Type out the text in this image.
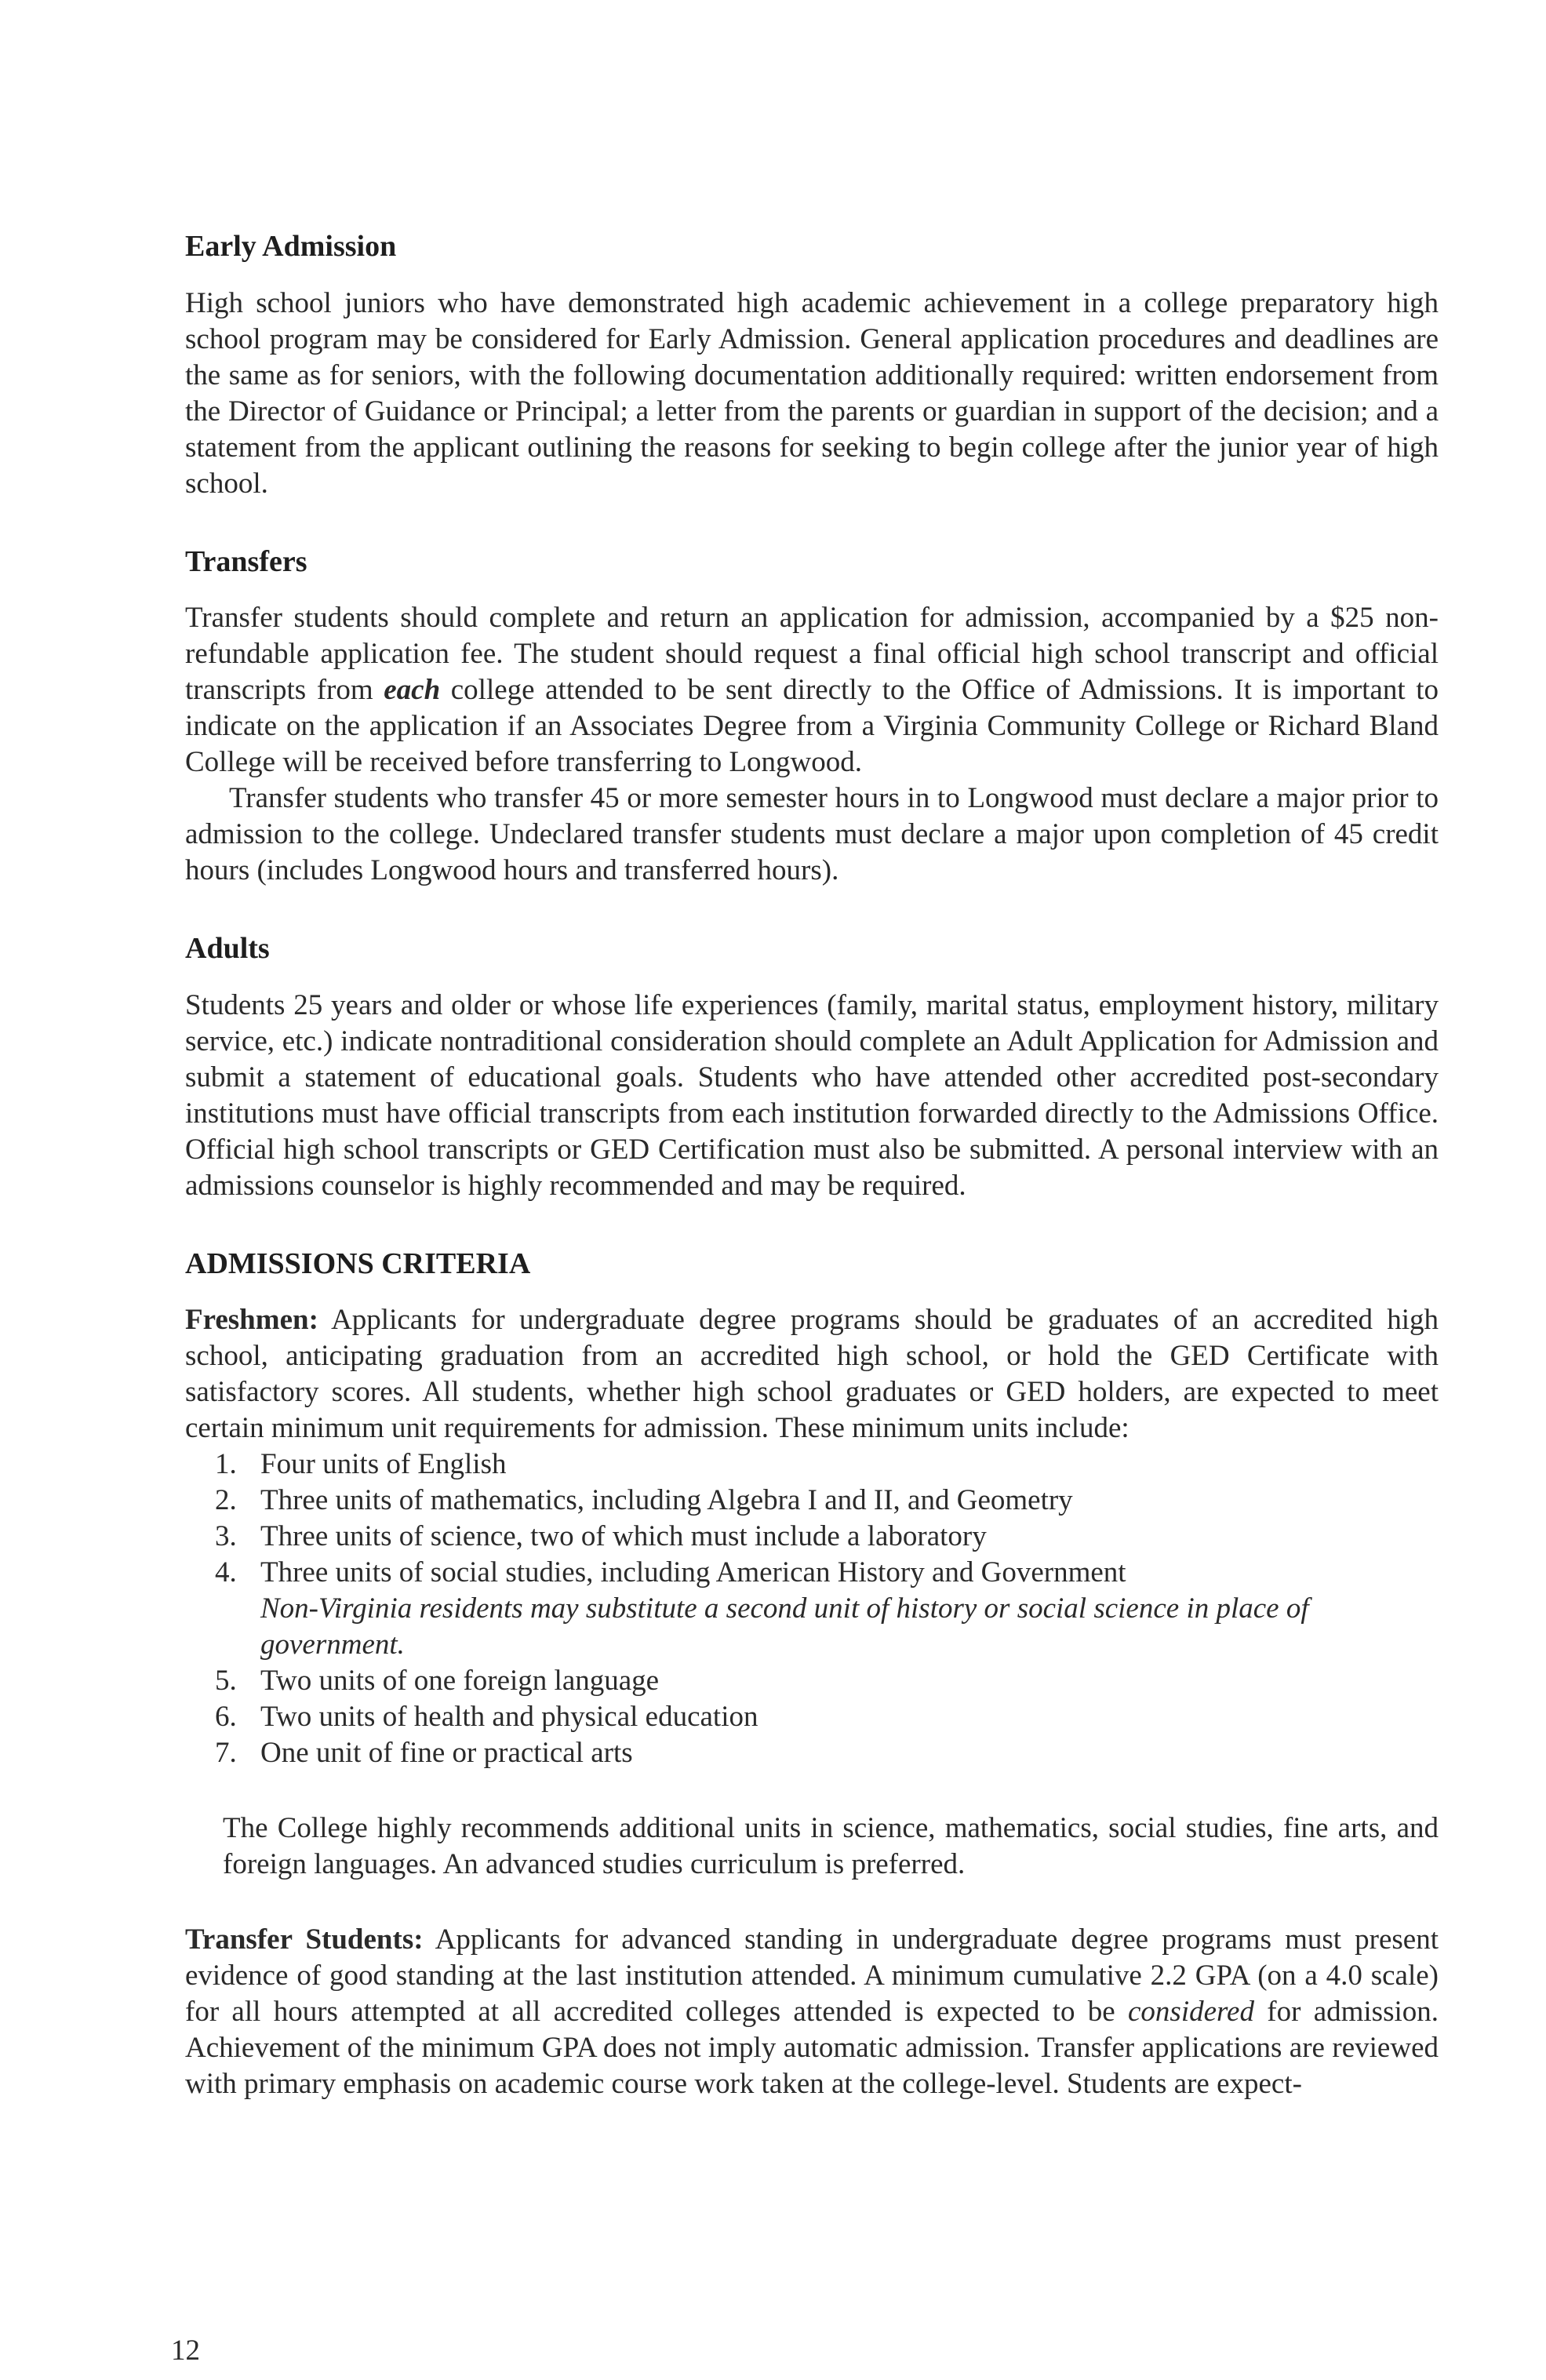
Early Admission

High school juniors who have demonstrated high academic achievement in a college preparatory high school program may be considered for Early Admission. General application procedures and deadlines are the same as for seniors, with the following documentation additionally required: written endorsement from the Director of Guidance or Principal; a letter from the parents or guardian in support of the decision; and a statement from the applicant outlining the reasons for seeking to begin college after the junior year of high school.

Transfers

Transfer students should complete and return an application for admission, accompanied by a $25 non-refundable application fee. The student should request a final official high school transcript and official transcripts from each college attended to be sent directly to the Office of Admissions. It is important to indicate on the application if an Associates Degree from a Virginia Community College or Richard Bland College will be received before transferring to Longwood.

Transfer students who transfer 45 or more semester hours in to Longwood must declare a major prior to admission to the college. Undeclared transfer students must declare a major upon completion of 45 credit hours (includes Longwood hours and transferred hours).

Adults

Students 25 years and older or whose life experiences (family, marital status, employment history, military service, etc.) indicate nontraditional consideration should complete an Adult Application for Admission and submit a statement of educational goals. Students who have attended other accredited post-secondary institutions must have official transcripts from each institution forwarded directly to the Admissions Office. Official high school transcripts or GED Certification must also be submitted. A personal interview with an admissions counselor is highly recommended and may be required.

ADMISSIONS CRITERIA

Freshmen: Applicants for undergraduate degree programs should be graduates of an accredited high school, anticipating graduation from an accredited high school, or hold the GED Certificate with satisfactory scores. All students, whether high school graduates or GED holders, are expected to meet certain minimum unit requirements for admission. These minimum units include:

1. Four units of English
2. Three units of mathematics, including Algebra I and II, and Geometry
3. Three units of science, two of which must include a laboratory
4. Three units of social studies, including American History and Government
Non-Virginia residents may substitute a second unit of history or social science in place of government.
5. Two units of one foreign language
6. Two units of health and physical education
7. One unit of fine or practical arts

The College highly recommends additional units in science, mathematics, social studies, fine arts, and foreign languages. An advanced studies curriculum is preferred.

Transfer Students: Applicants for advanced standing in undergraduate degree programs must present evidence of good standing at the last institution attended. A minimum cumulative 2.2 GPA (on a 4.0 scale) for all hours attempted at all accredited colleges attended is expected to be considered for admission. Achievement of the minimum GPA does not imply automatic admission. Transfer applications are reviewed with primary emphasis on academic course work taken at the college-level. Students are expect-

12
